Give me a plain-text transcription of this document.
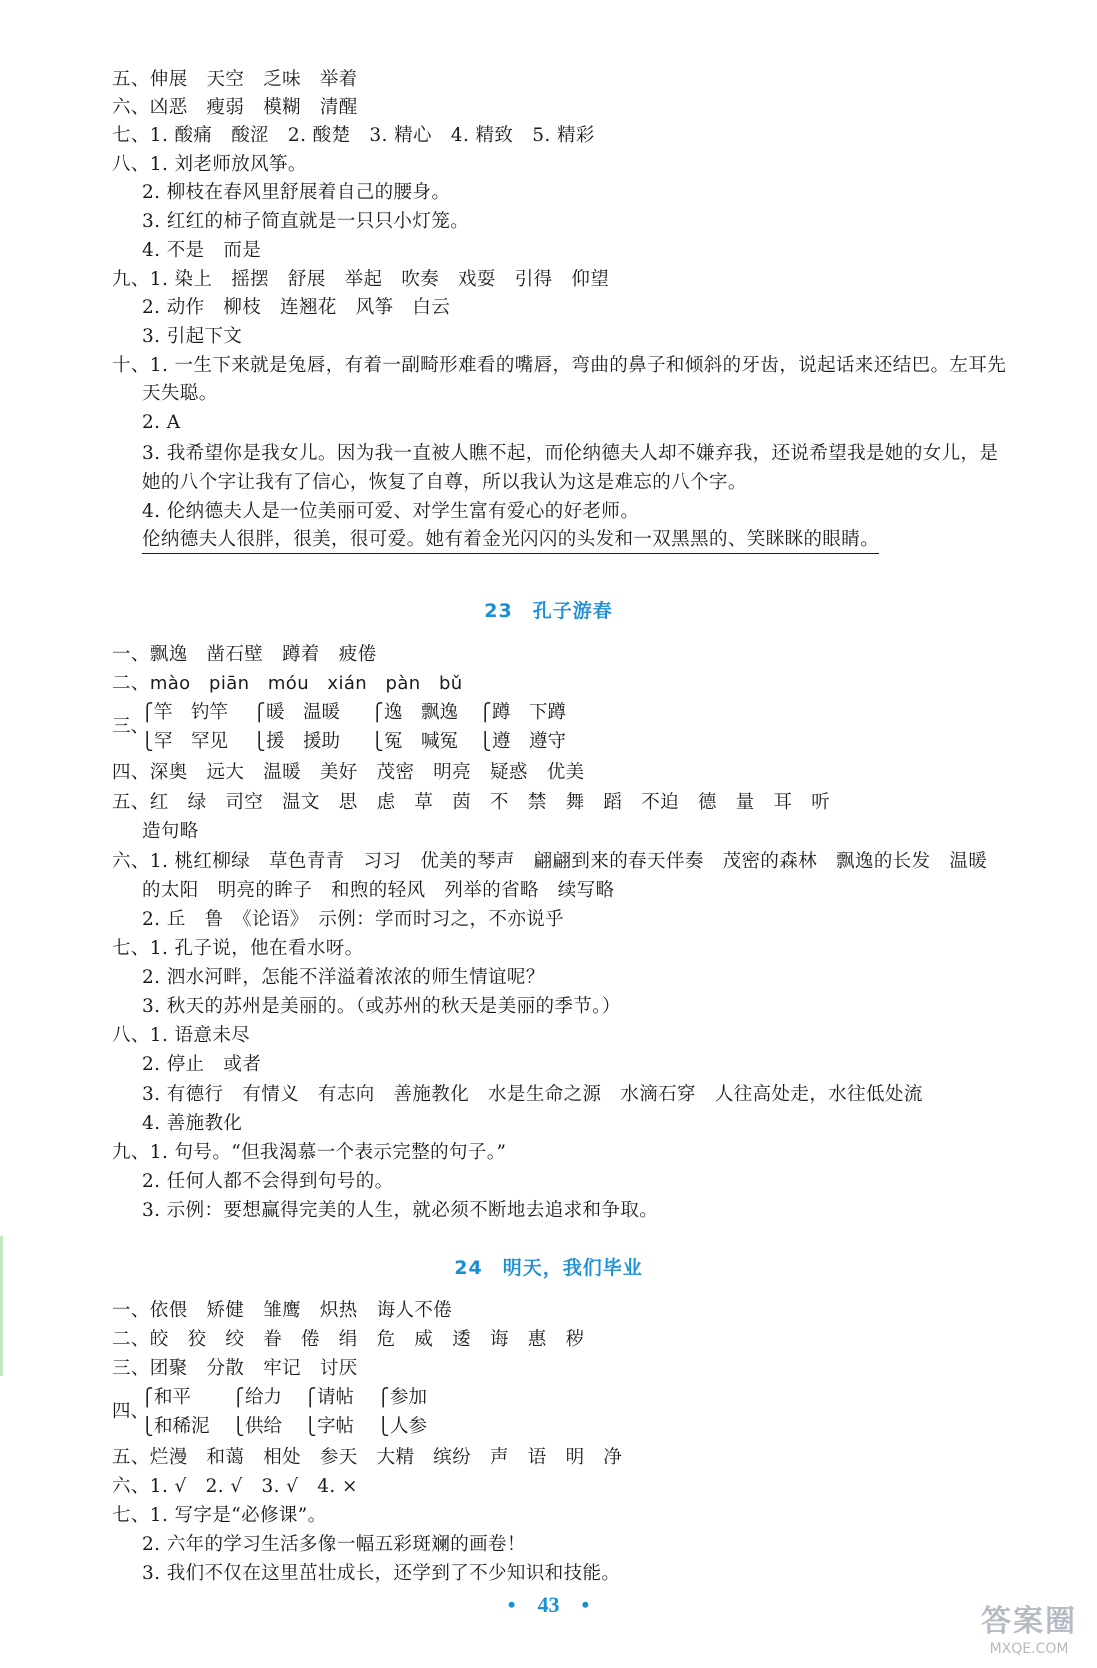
五、伸展　天空　乏味　举着
六、凶恶　瘦弱　模糊　清醒
七、1. 酸痛　酸涩　2. 酸楚　3. 精心　4. 精致　5. 精彩
八、1. 刘老师放风筝。
2. 柳枝在春风里舒展着自己的腰身。
3. 红红的柿子简直就是一只只小灯笼。
4. 不是　而是
九、1. 染上　摇摆　舒展　举起　吹奏　戏耍　引得　仰望
2. 动作　柳枝　连翘花　风筝　白云
3. 引起下文
十、1. 一生下来就是兔唇，有着一副畸形难看的嘴唇，弯曲的鼻子和倾斜的牙齿，说起话来还结巴。左耳先
天失聪。
2. A
3. 我希望你是我女儿。因为我一直被人瞧不起，而伦纳德夫人却不嫌弃我，还说希望我是她的女儿，是
她的八个字让我有了信心，恢复了自尊，所以我认为这是难忘的八个字。
4. 伦纳德夫人是一位美丽可爱、对学生富有爱心的好老师。
伦纳德夫人很胖，很美，很可爱。她有着金光闪闪的头发和一双黑黑的、笑眯眯的眼睛。
23　孔子游春
一、飘逸　凿石壁　蹲着　疲倦
二、mào　piān　móu　xián　pàn　bǔ
三、
⎧
⎩
竿　钓竿
罕　罕见
⎧
⎩
暖　温暖
援　援助
⎧
⎩
逸　飘逸
冤　喊冤
⎧
⎩
蹲　下蹲
遵　遵守
四、深奥　远大　温暖　美好　茂密　明亮　疑惑　优美
五、红　绿　司空　温文　思　虑　草　茵　不　禁　舞　蹈　不迫　德　量　耳　听
造句略
六、1. 桃红柳绿　草色青青　习习　优美的琴声　翩翩到来的春天伴奏　茂密的森林　飘逸的长发　温暖
的太阳　明亮的眸子　和煦的轻风　列举的省略　续写略
2. 丘　鲁　《论语》　示例：学而时习之，不亦说乎
七、1. 孔子说，他在看水呀。
2. 泗水河畔，怎能不洋溢着浓浓的师生情谊呢？
3. 秋天的苏州是美丽的。（或苏州的秋天是美丽的季节。）
八、1. 语意未尽
2. 停止　或者
3. 有德行　有情义　有志向　善施教化　水是生命之源　水滴石穿　人往高处走，水往低处流
4. 善施教化
九、1. 句号。“但我渴慕一个表示完整的句子。”
2. 任何人都不会得到句号的。
3. 示例：要想赢得完美的人生，就必须不断地去追求和争取。
24　明天，我们毕业
一、依偎　矫健　雏鹰　炽热　诲人不倦
二、皎　狡　绞　眷　倦　绢　危　威　逶　诲　惠　秽
三、团聚　分散　牢记　讨厌
四、
⎧
⎩
和平
和稀泥
⎧
⎩
给力
供给
⎧
⎩
请帖
字帖
⎧
⎩
参加
人参
五、烂漫　和蔼　相处　参天　大精　缤纷　声　语　明　净
六、1. √　2. √　3. √　4. ×
七、1. 写字是“必修课”。
2. 六年的学习生活多像一幅五彩斑斓的画卷！
3. 我们不仅在这里茁壮成长，还学到了不少知识和技能。
•　43　•	答案圈
MXQE.COM
